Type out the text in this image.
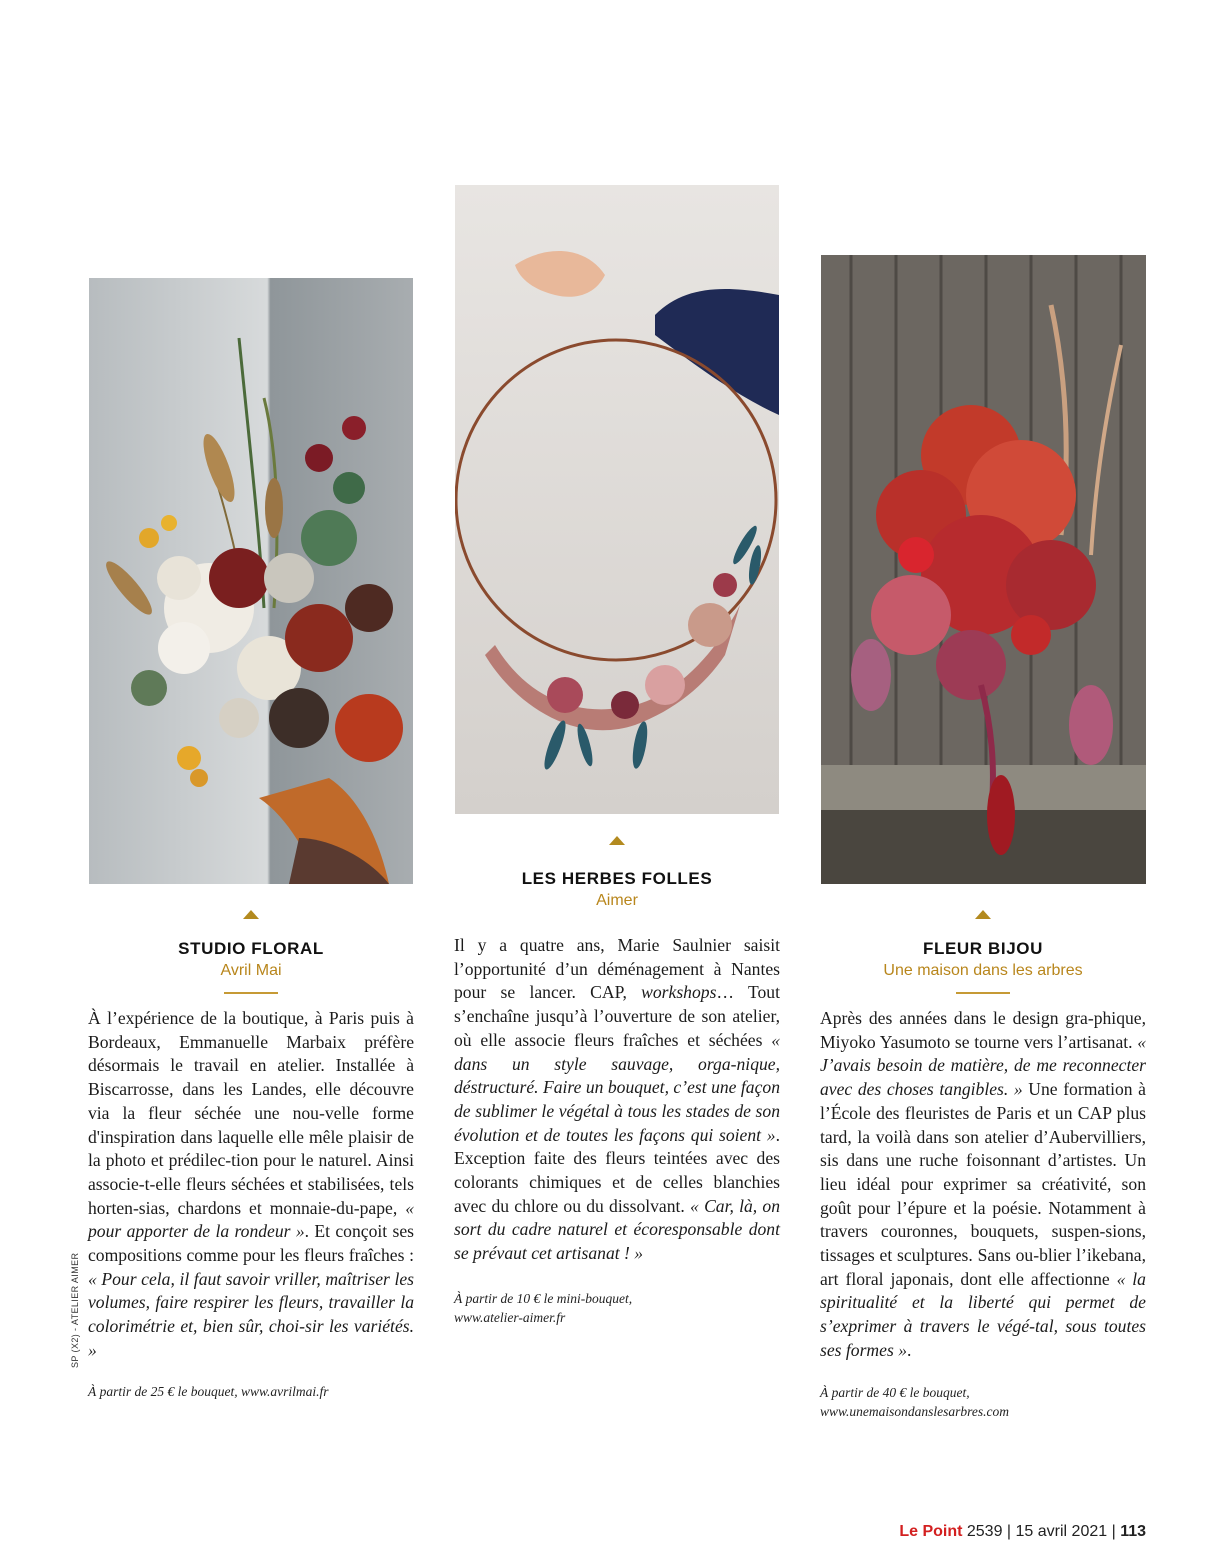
STUDIO FLORAL
Avril Mai

À l’expérience de la boutique, à Paris puis à Bordeaux, Emmanuelle Marbaix préfère désormais le travail en atelier. Installée à Biscarrosse, dans les Landes, elle découvre via la fleur séchée une nou-velle forme d'inspiration dans laquelle elle mêle plaisir de la photo et prédilec-tion pour le naturel. Ainsi associe-t-elle fleurs séchées et stabilisées, tels horten-sias, chardons et monnaie-du-pape, « pour apporter de la rondeur ». Et conçoit ses compositions comme pour les fleurs fraîches : « Pour cela, il faut savoir vriller, maîtriser les volumes, faire respirer les fleurs, travailler la colorimétrie et, bien sûr, choi-sir les variétés. »

À partir de 25 € le bouquet, www.avrilmai.fr
LES HERBES FOLLES
Aimer

Il y a quatre ans, Marie Saulnier saisit l’opportunité d’un déménagement à Nantes pour se lancer. CAP, workshops… Tout s’enchaîne jusqu’à l’ouverture de son atelier, où elle associe fleurs fraîches et séchées « dans un style sauvage, orga-nique, déstructuré. Faire un bouquet, c’est une façon de sublimer le végétal à tous les stades de son évolution et de toutes les façons qui soient ». Exception faite des fleurs teintées avec des colorants chimiques et de celles blanchies avec du chlore ou du dissolvant. « Car, là, on sort du cadre naturel et écoresponsable dont se prévaut cet artisanat ! »

À partir de 10 € le mini-bouquet,
www.atelier-aimer.fr
FLEUR BIJOU
Une maison dans les arbres

Après des années dans le design gra-phique, Miyoko Yasumoto se tourne vers l’artisanat. « J’avais besoin de matière, de me reconnecter avec des choses tangibles. » Une formation à l’École des fleuristes de Paris et un CAP plus tard, la voilà dans son atelier d’Aubervilliers, sis dans une ruche foisonnant d’artistes. Un lieu idéal pour exprimer sa créativité, son goût pour l’épure et la poésie. Notamment à travers couronnes, bouquets, suspen-sions, tissages et sculptures. Sans ou-blier l’ikebana, art floral japonais, dont elle affectionne « la spiritualité et la liberté qui permet de s’exprimer à travers le végé-tal, sous toutes ses formes ».

À partir de 40 € le bouquet,
www.unemaisondanslesarbres.com
SP (X2) - ATELIER AIMER
Le Point 2539 | 15 avril 2021 | 113
